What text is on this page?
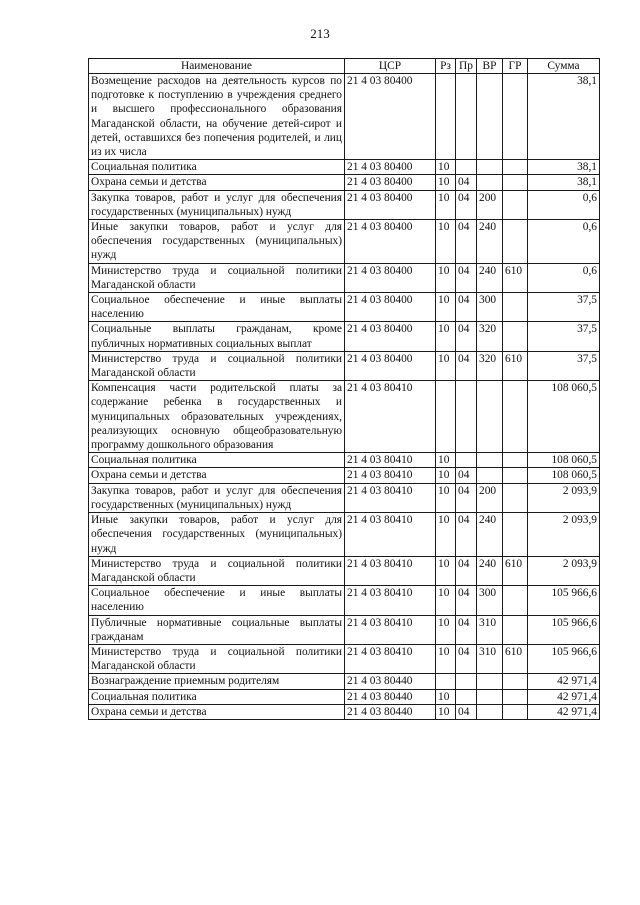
213
Наименование	ЦСР	Рз	Пр	ВР	ГР	Сумма
Возмещение расходов на деятельность курсов по подготовке к поступлению в учреждения среднего и высшего профессионального образования Магаданской области, на обучение детей-сирот и детей, оставшихся без попечения родителей, и лиц из их числа	21 4 03 80400					38,1
Социальная политика	21 4 03 80400	10				38,1
Охрана семьи и детства	21 4 03 80400	10	04			38,1
Закупка товаров, работ и услуг для обеспечения государственных (муниципальных) нужд	21 4 03 80400	10	04	200		0,6
Иные закупки товаров, работ и услуг для обеспечения государственных (муниципальных) нужд	21 4 03 80400	10	04	240		0,6
Министерство труда и социальной политики Магаданской области	21 4 03 80400	10	04	240	610	0,6
Социальное обеспечение и иные выплаты населению	21 4 03 80400	10	04	300		37,5
Социальные выплаты гражданам, кроме публичных нормативных социальных выплат	21 4 03 80400	10	04	320		37,5
Министерство труда и социальной политики Магаданской области	21 4 03 80400	10	04	320	610	37,5
Компенсация части родительской платы за содержание ребенка в государственных и муниципальных образовательных учреждениях, реализующих основную общеобразовательную программу дошкольного образования	21 4 03 80410					108 060,5
Социальная политика	21 4 03 80410	10				108 060,5
Охрана семьи и детства	21 4 03 80410	10	04			108 060,5
Закупка товаров, работ и услуг для обеспечения государственных (муниципальных) нужд	21 4 03 80410	10	04	200		2 093,9
Иные закупки товаров, работ и услуг для обеспечения государственных (муниципальных) нужд	21 4 03 80410	10	04	240		2 093,9
Министерство труда и социальной политики Магаданской области	21 4 03 80410	10	04	240	610	2 093,9
Социальное обеспечение и иные выплаты населению	21 4 03 80410	10	04	300		105 966,6
Публичные нормативные социальные выплаты гражданам	21 4 03 80410	10	04	310		105 966,6
Министерство труда и социальной политики Магаданской области	21 4 03 80410	10	04	310	610	105 966,6
Вознаграждение приемным родителям	21 4 03 80440					42 971,4
Социальная политика	21 4 03 80440	10				42 971,4
Охрана семьи и детства	21 4 03 80440	10	04			42 971,4
